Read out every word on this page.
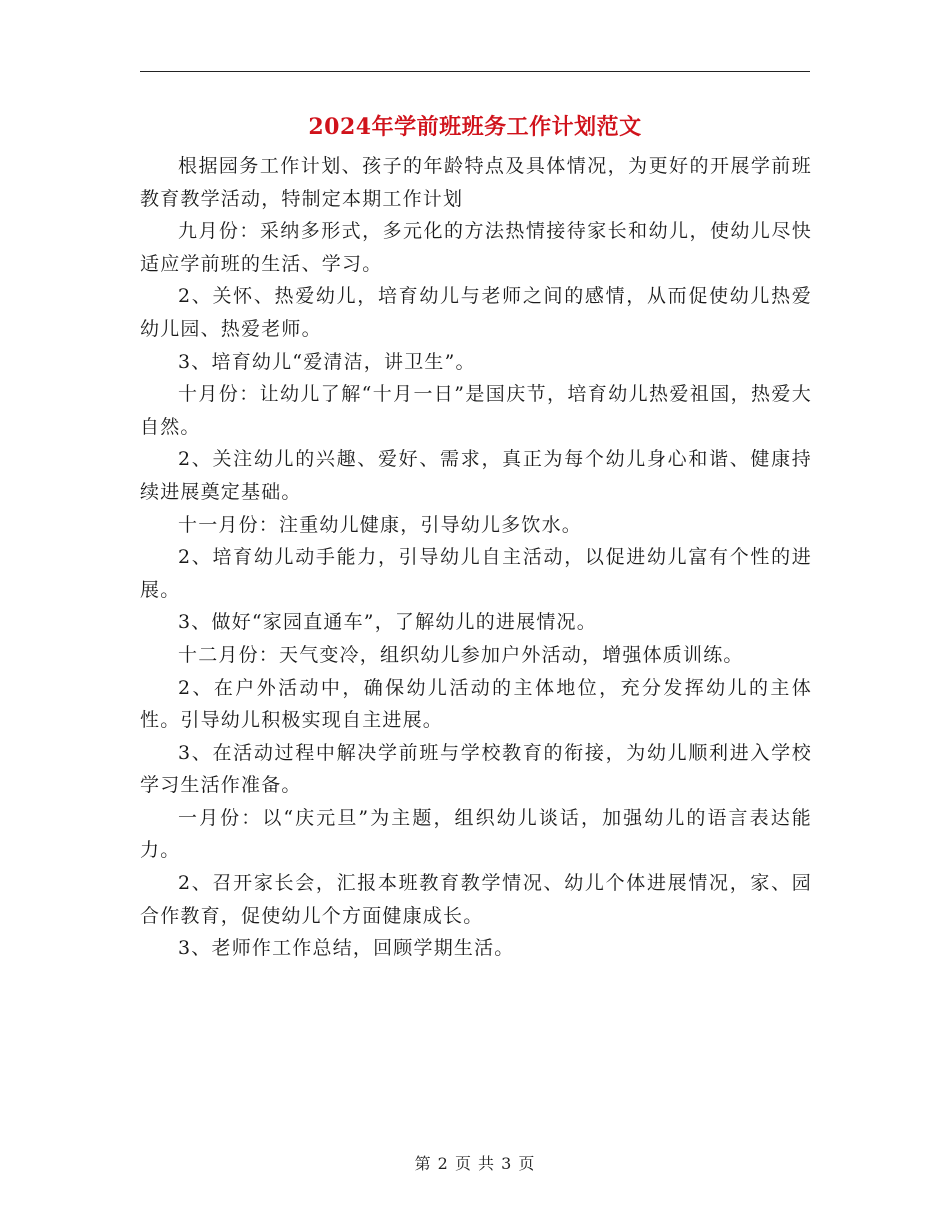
2024年学前班班务工作计划范文

根据园务工作计划、孩子的年龄特点及具体情况，为更好的开展学前班教育教学活动，特制定本期工作计划

九月份：采纳多形式，多元化的方法热情接待家长和幼儿，使幼儿尽快适应学前班的生活、学习。

2、关怀、热爱幼儿，培育幼儿与老师之间的感情，从而促使幼儿热爱幼儿园、热爱老师。

3、培育幼儿“爱清洁，讲卫生”。

十月份：让幼儿了解“十月一日”是国庆节，培育幼儿热爱祖国，热爱大自然。

2、关注幼儿的兴趣、爱好、需求，真正为每个幼儿身心和谐、健康持续进展奠定基础。

十一月份：注重幼儿健康，引导幼儿多饮水。

2、培育幼儿动手能力，引导幼儿自主活动，以促进幼儿富有个性的进展。

3、做好“家园直通车”，了解幼儿的进展情况。

十二月份：天气变冷，组织幼儿参加户外活动，增强体质训练。

2、在户外活动中，确保幼儿活动的主体地位，充分发挥幼儿的主体性。引导幼儿积极实现自主进展。

3、在活动过程中解决学前班与学校教育的衔接，为幼儿顺利进入学校学习生活作准备。

一月份：以“庆元旦”为主题，组织幼儿谈话，加强幼儿的语言表达能力。

2、召开家长会，汇报本班教育教学情况、幼儿个体进展情况，家、园合作教育，促使幼儿个方面健康成长。

3、老师作工作总结，回顾学期生活。

第 2 页 共 3 页
